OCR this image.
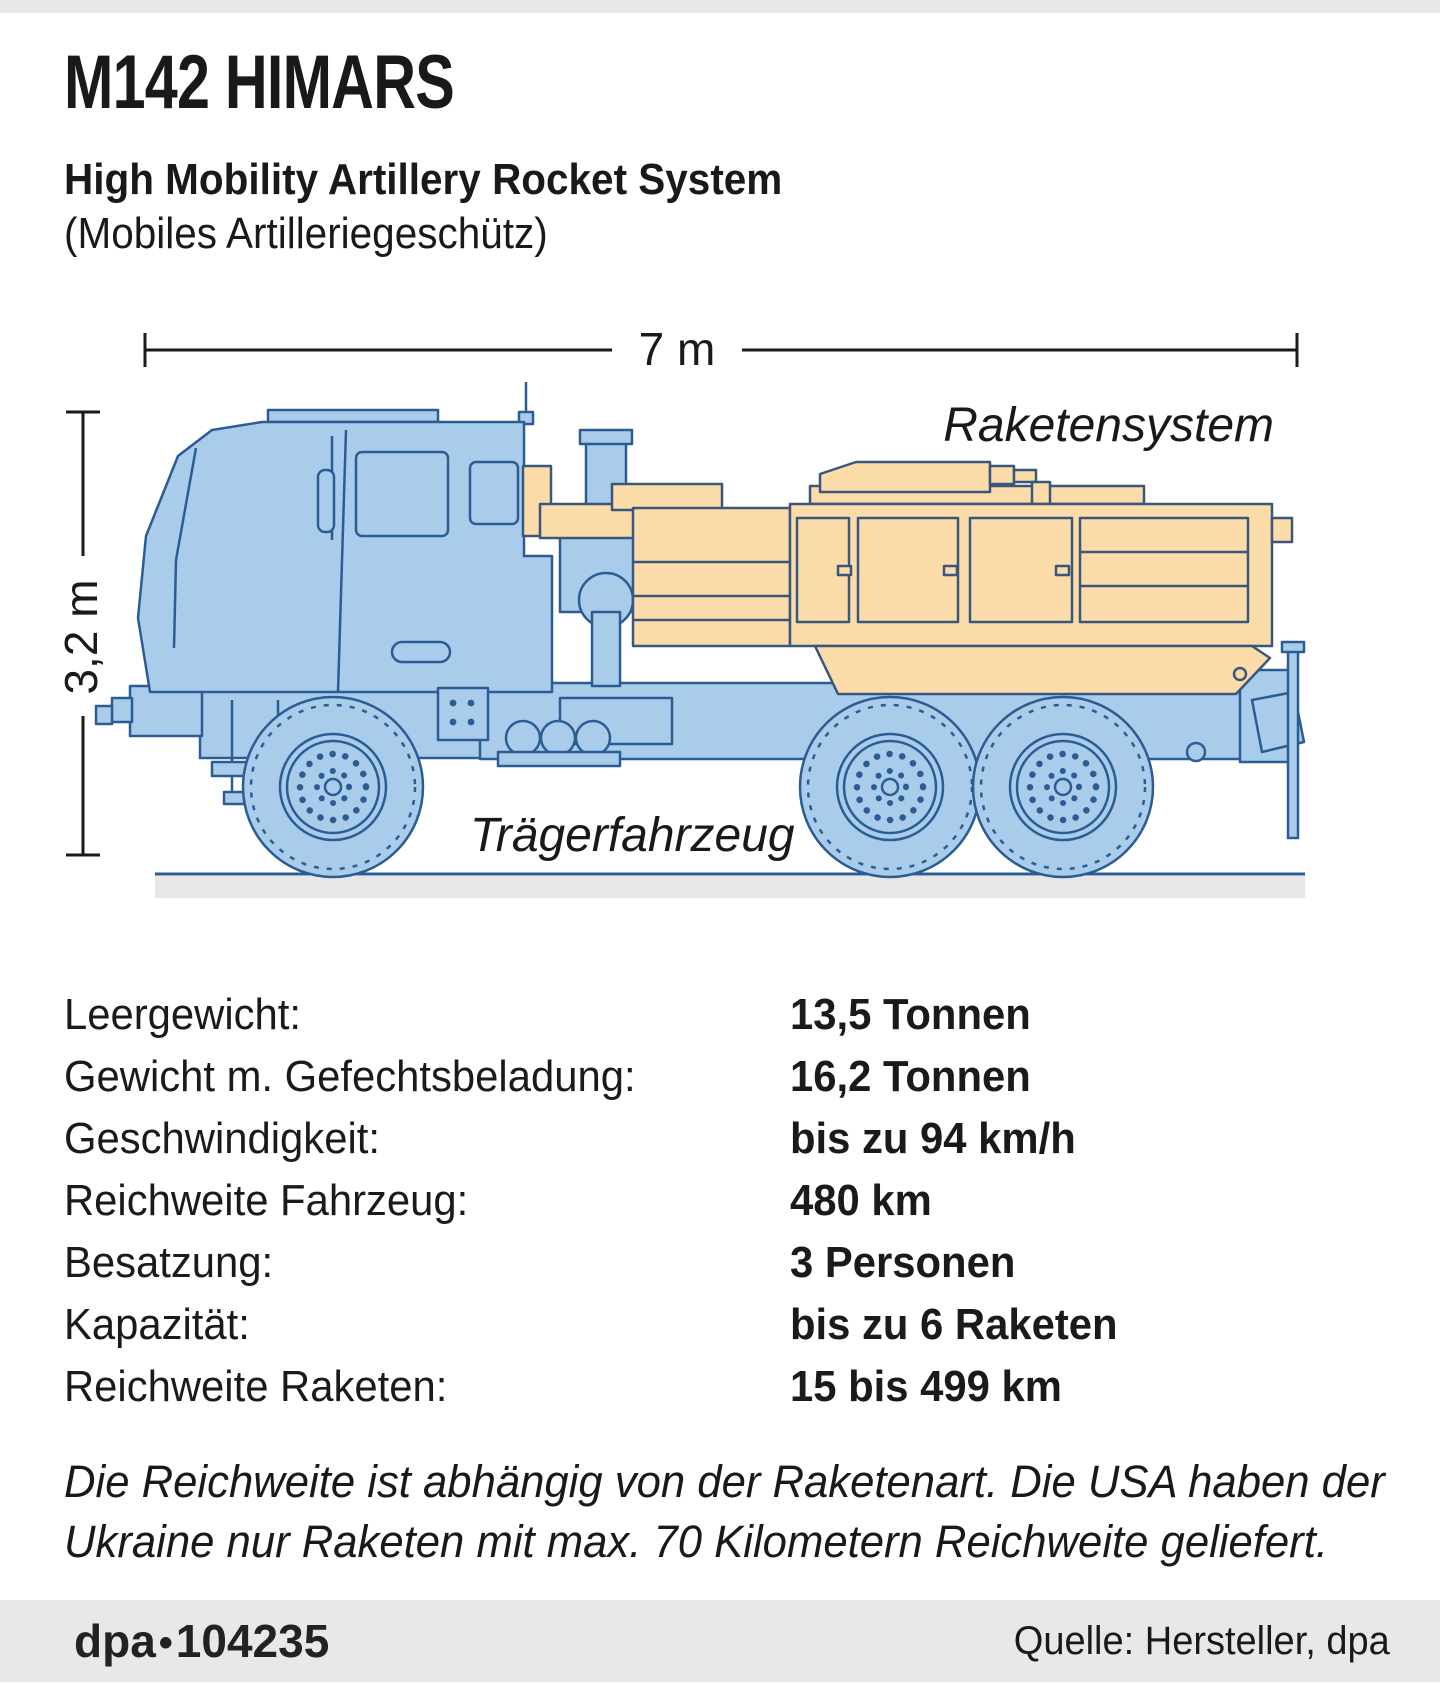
M142 HIMARS
High Mobility Artillery Rocket System
(Mobiles Artilleriegeschütz)
7 m
3,2 m
Raketensystem
Trägerfahrzeug
Leergewicht:	13,5 Tonnen
Gewicht m. Gefechtsbeladung:	16,2 Tonnen
Geschwindigkeit:	bis zu 94 km/h
Reichweite Fahrzeug:	480 km
Besatzung:	3 Personen
Kapazität:	bis zu 6 Raketen
Reichweite Raketen:	15 bis 499 km
Die Reichweite ist abhängig von der Raketenart. Die USA haben der
Ukraine nur Raketen mit max. 70 Kilometern Reichweite geliefert.
dpa•104235	Quelle: Hersteller, dpa
